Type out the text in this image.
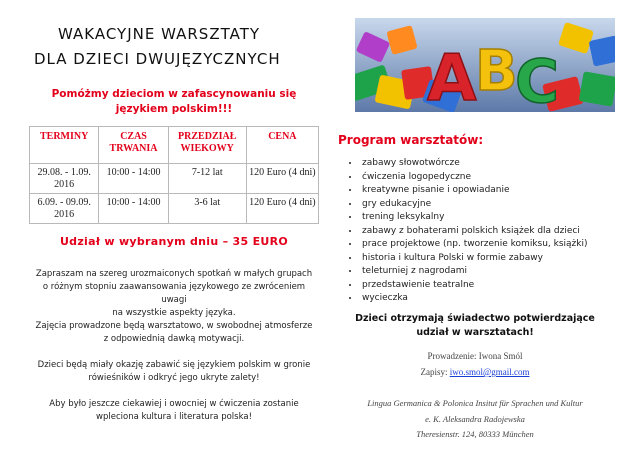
WAKACYJNE WARSZTATY
DLA DZIECI DWUJĘZYCZNYCH
Pomóżmy dzieciom w zafascynowaniu się
językiem polskim!!!
TERMINY	CZAS TRWANIA	PRZEDZIAŁ WIEKOWY	CENA
29.08. - 1.09. 2016	10:00 - 14:00	7-12 lat	120 Euro (4 dni)
6.09. - 09.09. 2016	10:00 - 14:00	3-6 lat	120 Euro (4 dni)
Udział w wybranym dniu – 35 EURO
Zapraszam na szereg urozmaiconych spotkań w małych grupach
o różnym stopniu zaawansowania językowego ze zwróceniem uwagi
na wszystkie aspekty języka.
Zajęcia prowadzone będą warsztatowo, w swobodnej atmosferze
z odpowiednią dawką motywacji.
Dzieci będą miały okazję zabawić się językiem polskim w gronie
rówieśników i odkryć jego ukryte zalety!
Aby było jeszcze ciekawiej i owocniej w ćwiczenia zostanie
wpleciona kultura i literatura polska!
A
B
C
Program warsztatów:
• zabawy słowotwórcze
• ćwiczenia logopedyczne
• kreatywne pisanie i opowiadanie
• gry edukacyjne
• trening leksykalny
• zabawy z bohaterami polskich książek dla dzieci
• prace projektowe (np. tworzenie komiksu, książki)
• historia i kultura Polski w formie zabawy
• teleturniej z nagrodami
• przedstawienie teatralne
• wycieczka
Dzieci otrzymają świadectwo potwierdzające
udział w warsztatach!
Prowadzenie: Iwona Smól
Zapisy: iwo.smol@gmail.com
Lingua Germanica & Polonica Insitut für Sprachen und Kultur
e. K. Aleksandra Radojewska
Theresienstr. 124, 80333 München
